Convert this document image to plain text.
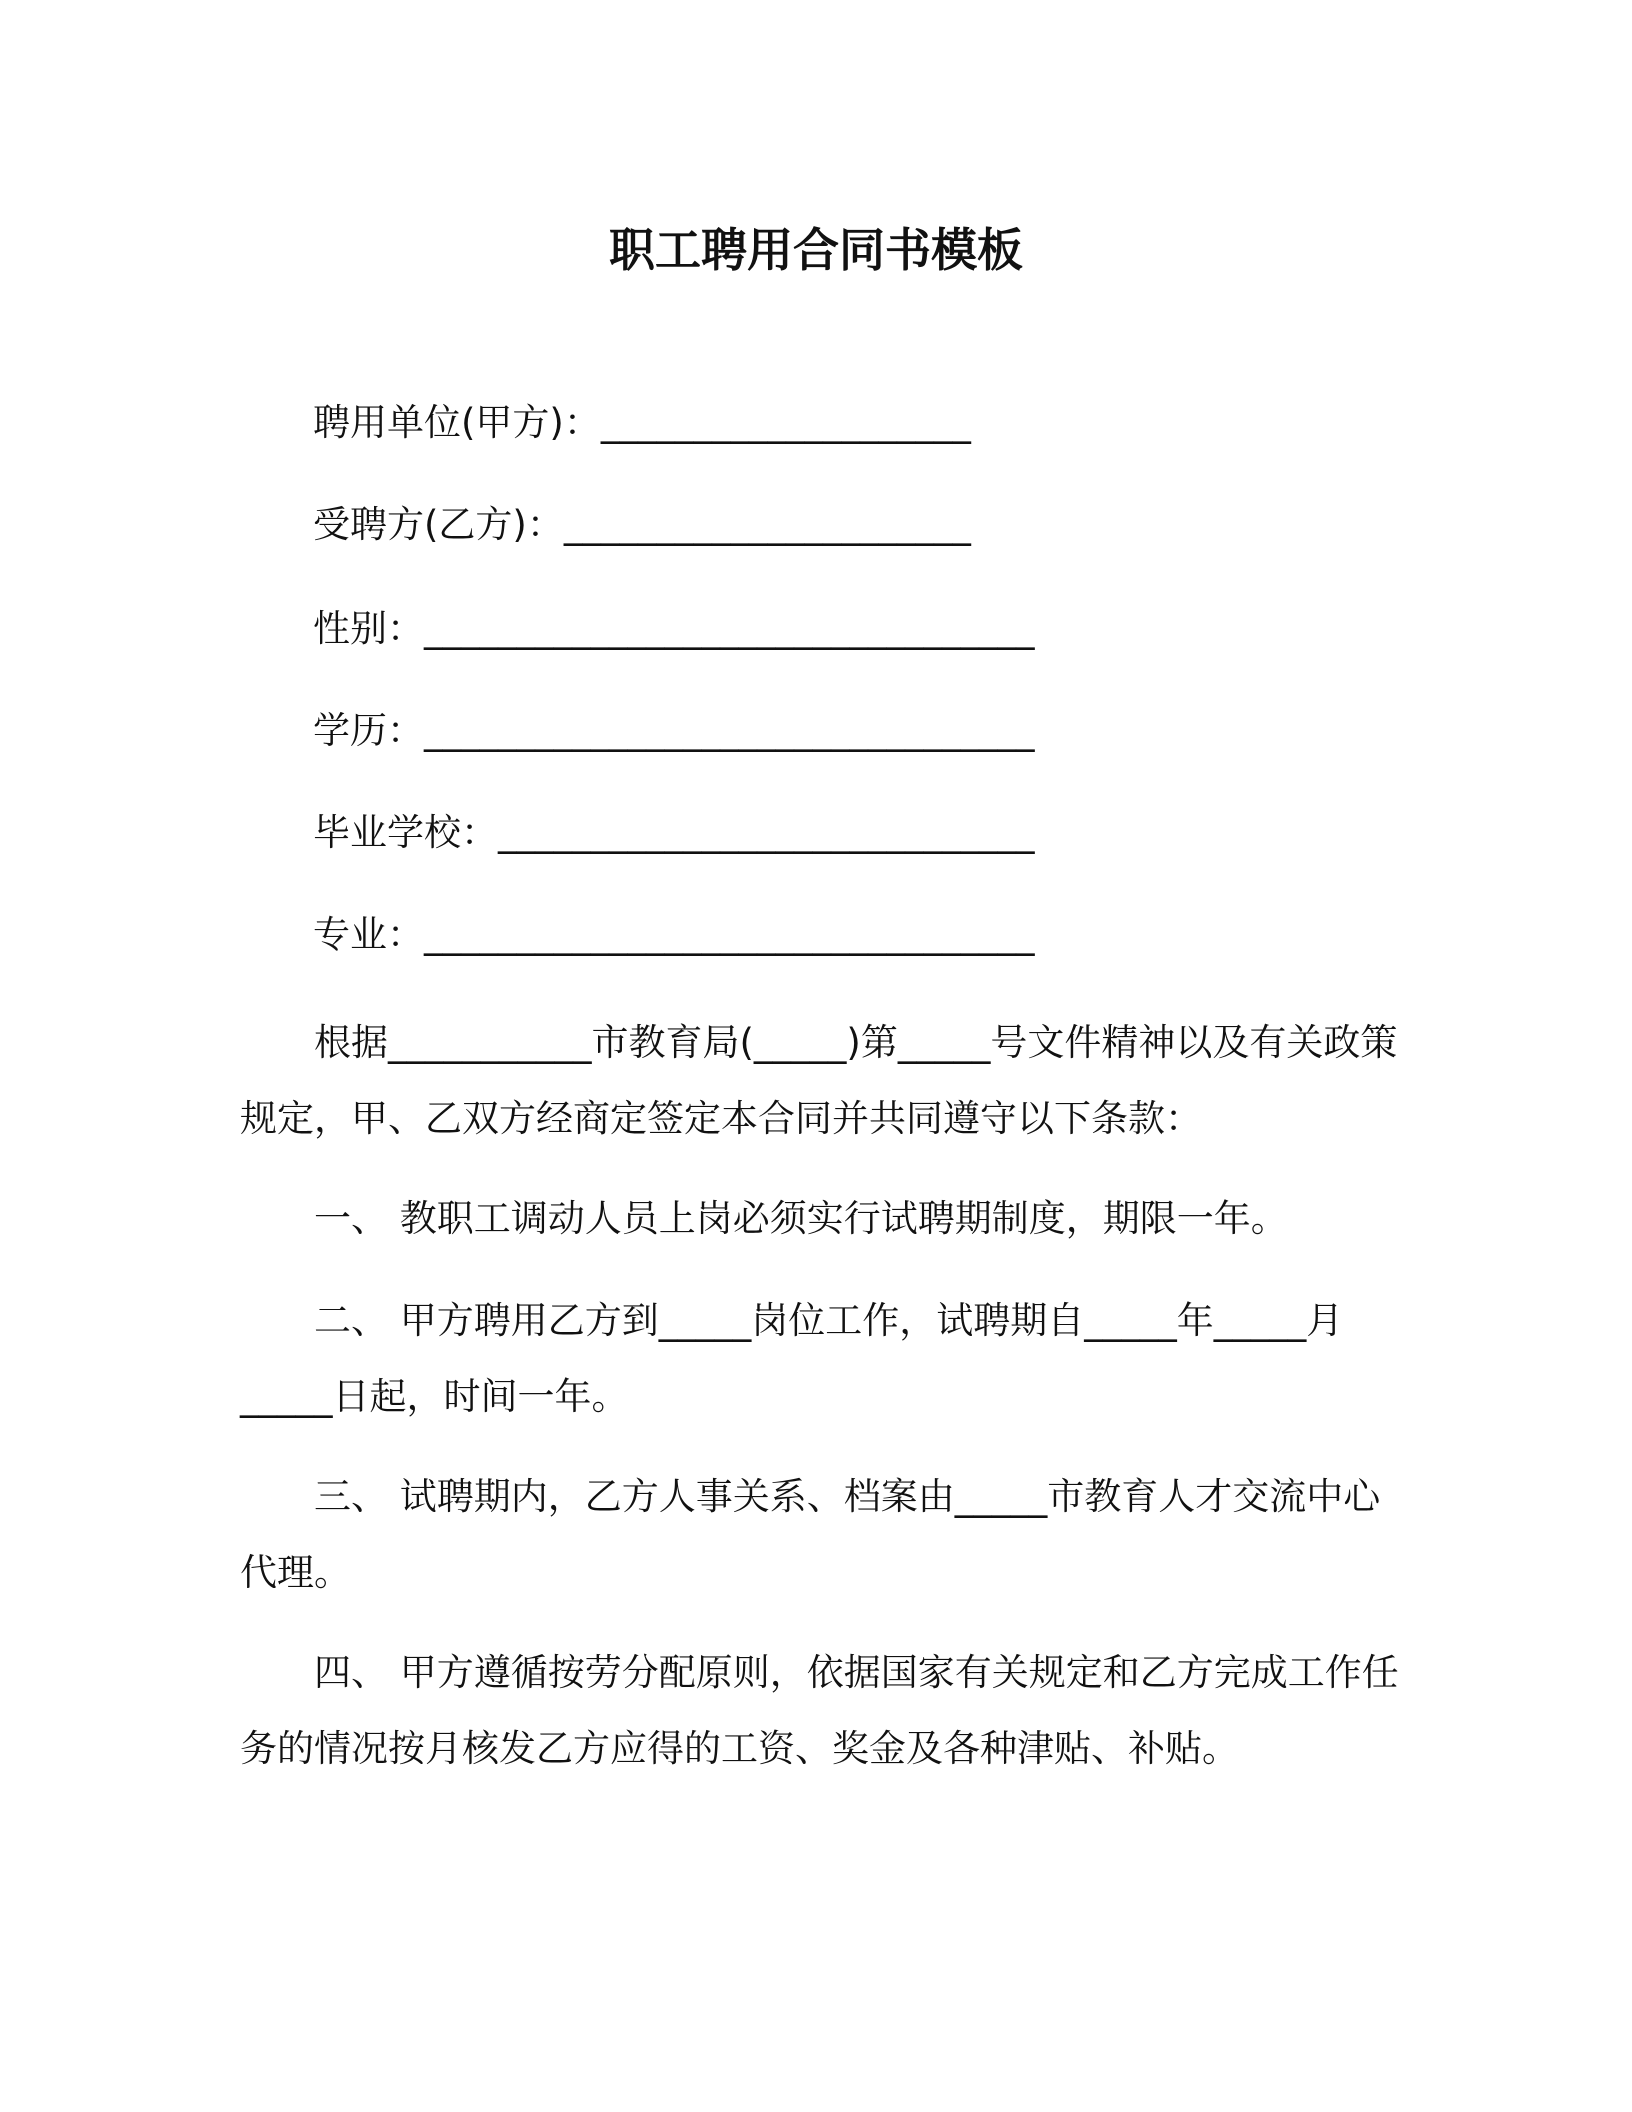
职工聘用合同书模板
聘用单位(甲方)：____________________
受聘方(乙方)：______________________
性别：_________________________________
学历：_________________________________
毕业学校：_____________________________
专业：_________________________________

根据___________市教育局(_____)第_____号文件精神以及有关政策规定，甲、乙双方经商定签定本合同并共同遵守以下条款：

一、 教职工调动人员上岗必须实行试聘期制度，期限一年。

二、 甲方聘用乙方到_____岗位工作，试聘期自_____年_____月_____日起，时间一年。

三、 试聘期内，乙方人事关系、档案由_____市教育人才交流中心代理。

四、 甲方遵循按劳分配原则，依据国家有关规定和乙方完成工作任务的情况按月核发乙方应得的工资、奖金及各种津贴、补贴。
